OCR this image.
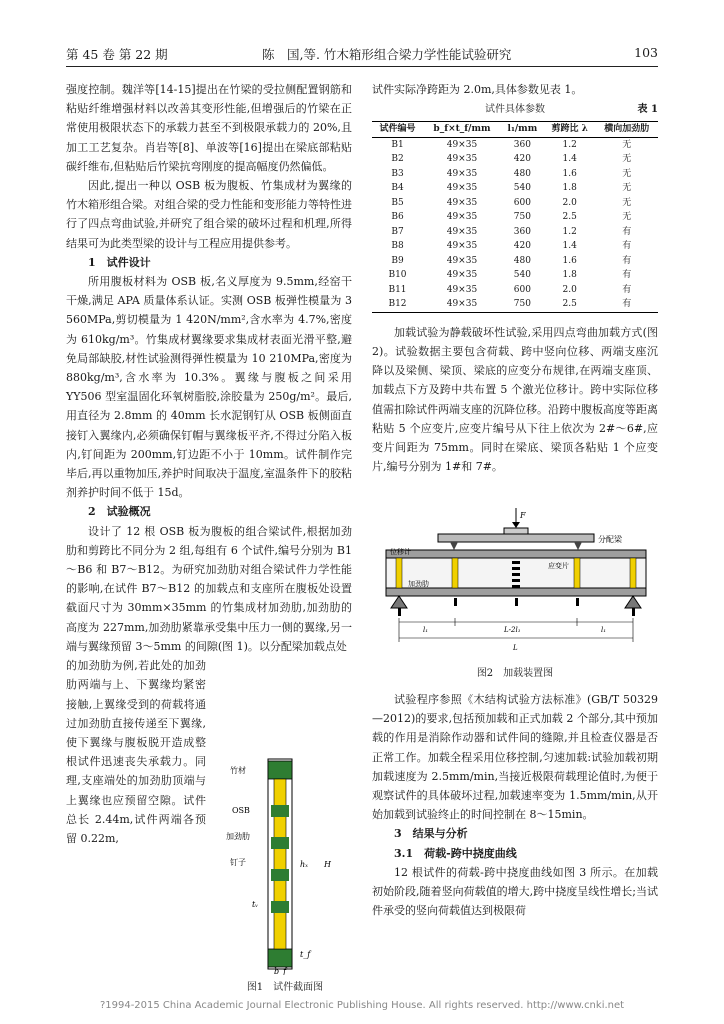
第 45 卷 第 22 期	陈　国,等. 竹木箱形组合梁力学性能试验研究	103

强度控制。魏洋等[14-15]提出在竹梁的受拉侧配置钢筋和粘贴纤维增强材料以改善其变形性能,但增强后的竹梁在正常使用极限状态下的承载力甚至不到极限承载力的 20%,且加工工艺复杂。肖岩等[8]、单波等[16]提出在梁底部粘贴碳纤维布,但粘贴后竹梁抗弯刚度的提高幅度仍然偏低。

因此,提出一种以 OSB 板为腹板、竹集成材为翼缘的竹木箱形组合梁。对组合梁的受力性能和变形能力等特性进行了四点弯曲试验,并研究了组合梁的破坏过程和机理,所得结果可为此类型梁的设计与工程应用提供参考。

1　试件设计

所用腹板材料为 OSB 板,名义厚度为 9.5mm,经窑干干燥,满足 APA 质量体系认证。实测 OSB 板弹性模量为 3 560MPa,剪切模量为 1 420N/mm²,含水率为 4.7%,密度为 610kg/m³。竹集成材翼缘要求集成材表面光滑平整,避免局部缺胶,材性试验测得弹性模量为 10 210MPa,密度为 880kg/m³,含水率为 10.3%。翼缘与腹板之间采用 YY506 型室温固化环氧树脂胶,涂胶量为 250g/m²。最后,用直径为 2.8mm 的 40mm 长水泥钢钉从 OSB 板侧面直接钉入翼缘内,必须确保钉帽与翼缘板平齐,不得过分陷入板内,钉间距为 200mm,钉边距不小于 10mm。试件制作完毕后,再以重物加压,养护时间取决于温度,室温条件下的胶粘剂养护时间不低于 15d。

2　试验概况

设计了 12 根 OSB 板为腹板的组合梁试件,根据加劲肋和剪跨比不同分为 2 组,每组有 6 个试件,编号分别为 B1～B6 和 B7～B12。为研究加劲肋对组合梁试件力学性能的影响,在试件 B7～B12 的加载点和支座所在腹板处设置截面尺寸为 30mm×35mm 的竹集成材加劲肋,加劲肋的高度为 227mm,加劲肋紧靠承受集中压力一侧的翼缘,另一端与翼缘预留 3～5mm 的间隙(图 1)。以分配梁加载点处

的加劲肋为例,若此处的加劲肋两端与上、下翼缘均紧密接触,上翼缘受到的荷载将通过加劲肋直接传递至下翼缘,使下翼缘与腹板脱开造成整根试件迅速丧失承载力。同理,支座端处的加劲肋顶端与上翼缘也应预留空隙。试件总长 2.44m,试件两端各预留 0.22m,

竹材
OSB
加劲肋
钉子	hₓ H
tᵥ
t_f
b_f
图1　试件截面图

试件实际净跨距为 2.0m,具体参数见表 1。

试件具体参数	表 1
试件编号	b_f×t_f/mm	l₁/mm	剪跨比 λ	横向加劲肋
B1	49×35	360	1.2	无
B2	49×35	420	1.4	无
B3	49×35	480	1.6	无
B4	49×35	540	1.8	无
B5	49×35	600	2.0	无
B6	49×35	750	2.5	无
B7	49×35	360	1.2	有
B8	49×35	420	1.4	有
B9	49×35	480	1.6	有
B10	49×35	540	1.8	有
B11	49×35	600	2.0	有
B12	49×35	750	2.5	有

加载试验为静载破坏性试验,采用四点弯曲加载方式(图 2)。试验数据主要包含荷载、跨中竖向位移、两端支座沉降以及梁侧、梁顶、梁底的应变分布规律,在两端支座顶、加载点下方及跨中共布置 5 个激光位移计。跨中实际位移值需扣除试件两端支座的沉降位移。沿跨中腹板高度等距离粘贴 5 个应变片,应变片编号从下往上依次为 2#～6#,应变片间距为 75mm。同时在梁底、梁顶各粘贴 1 个应变片,编号分别为 1#和 7#。

F
分配梁
位移计
应变片
加劲肋
l₁	L-2l₁	l₁
L
图2　加载装置图

试验程序参照《木结构试验方法标准》(GB/T 50329—2012)的要求,包括预加载和正式加载 2 个部分,其中预加载的作用是消除作动器和试件间的缝隙,并且检查仪器是否正常工作。加载全程采用位移控制,匀速加载:试验加载初期加载速度为 2.5mm/min,当接近极限荷载理论值时,为便于观察试件的具体破坏过程,加载速率变为 1.5mm/min,从开始加载到试验终止的时间控制在 8～15min。

3　结果与分析

3.1　荷载-跨中挠度曲线

12 根试件的荷载-跨中挠度曲线如图 3 所示。在加载初始阶段,随着竖向荷载值的增大,跨中挠度呈线性增长;当试件承受的竖向荷载值达到极限荷

?1994-2015 China Academic Journal Electronic Publishing House. All rights reserved. http://www.cnki.net
